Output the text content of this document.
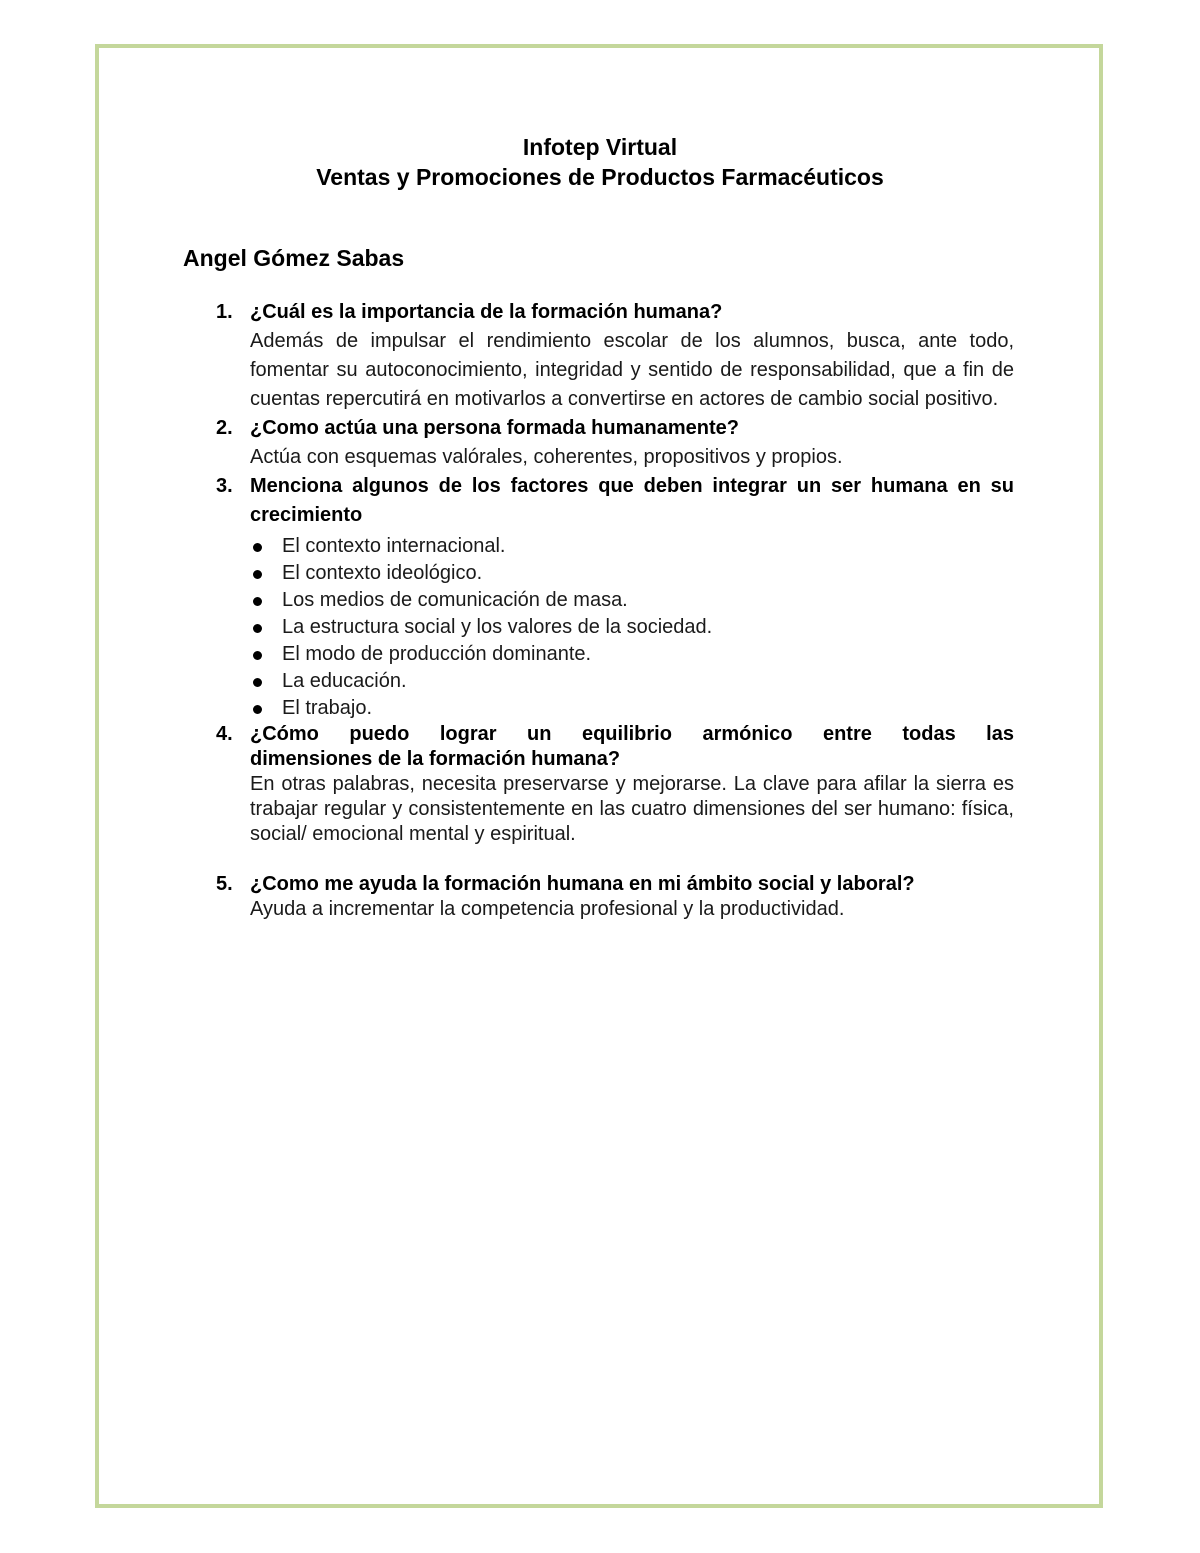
Infotep Virtual
Ventas y Promociones de Productos Farmacéuticos
Angel Gómez Sabas
1. ¿Cuál es la importancia de la formación humana?
Además de impulsar el rendimiento escolar de los alumnos, busca, ante todo, fomentar su autoconocimiento, integridad y sentido de responsabilidad, que a fin de cuentas repercutirá en motivarlos a convertirse en actores de cambio social positivo.
2. ¿Como actúa una persona formada humanamente?
Actúa con esquemas valórales, coherentes, propositivos y propios.
3. Menciona algunos de los factores que deben integrar un ser humana en su crecimiento
El contexto internacional.
El contexto ideológico.
Los medios de comunicación de masa.
La estructura social y los valores de la sociedad.
El modo de producción dominante.
La educación.
El trabajo.
4. ¿Cómo puedo lograr un equilibrio armónico entre todas las
dimensiones de la formación humana?
En otras palabras, necesita preservarse y mejorarse. La clave para afilar la sierra es trabajar regular y consistentemente en las cuatro dimensiones del ser humano: física, social/ emocional mental y espiritual.
5. ¿Como me ayuda la formación humana en mi ámbito social y laboral?
Ayuda a incrementar la competencia profesional y la productividad.
